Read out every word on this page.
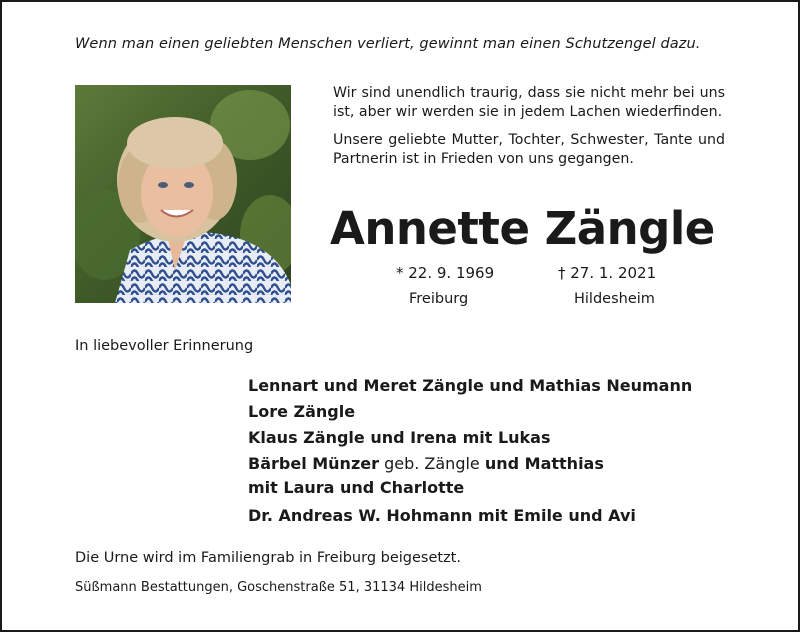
Wenn man einen geliebten Menschen verliert, gewinnt man einen Schutzengel dazu.

Wir sind unendlich traurig, dass sie nicht mehr bei uns ist, aber wir werden sie in jedem Lachen wiederfinden.

Unsere geliebte Mutter, Tochter, Schwester, Tante und Partnerin ist in Frieden von uns gegangen.

Annette Zängle
* 22. 9. 1969	† 27. 1. 2021
Freiburg	Hildesheim
In liebevoller Erinnerung
Lennart und Meret Zängle und Mathias Neumann
Lore Zängle
Klaus Zängle und Irena mit Lukas
Bärbel Münzer geb. Zängle und Matthias
mit Laura und Charlotte
Dr. Andreas W. Hohmann mit Emile und Avi
Die Urne wird im Familiengrab in Freiburg beigesetzt.
Süßmann Bestattungen, Goschenstraße 51, 31134 Hildesheim
